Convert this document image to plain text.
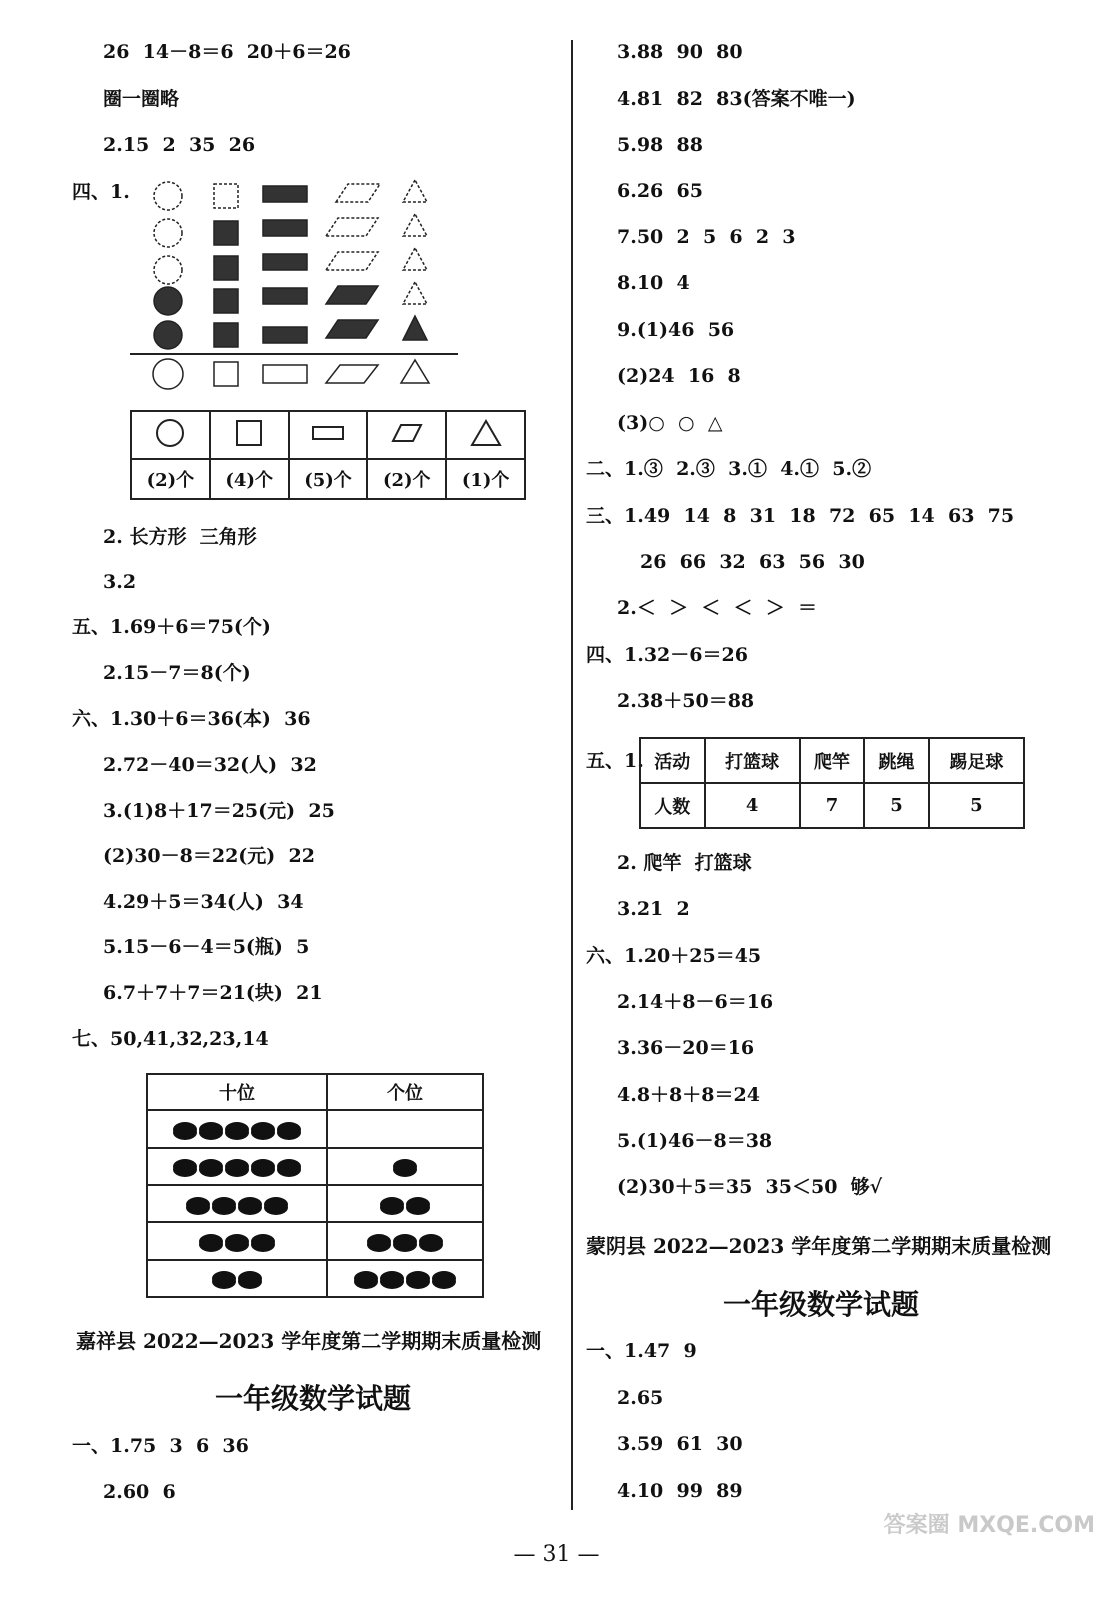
26  14－8＝6  20＋6＝26
圈一圈略
2.15  2  35  26
四、1.

(2)个	(4)个	(5)个	(2)个	(1)个
2. 长方形  三角形
3.2
五、1.69＋6＝75(个)
2.15－7＝8(个)
六、1.30＋6＝36(本)  36
2.72－40＝32(人)  32
3.(1)8＋17＝25(元)  25
(2)30－8＝22(元)  22
4.29＋5＝34(人)  34
5.15－6－4＝5(瓶)  5
6.7＋7＋7＝21(块)  21
七、50,41,32,23,14
十位	个位

嘉祥县 2022—2023 学年度第二学期期末质量检测
一年级数学试题
一、1.75  3  6  36
2.60  6
3.88  90  80
4.81  82  83(答案不唯一)
5.98  88
6.26  65
7.50  2  5  6  2  3
8.10  4
9.(1)46  56
(2)24  16  8
(3)○  ○  △
二、1.③  2.③  3.①  4.①  5.②
三、1.49  14  8  31  18  72  65  14  63  75
26  66  32  63  56  30
2.＜  ＞  ＜  ＜  ＞  ＝
四、1.32－6＝26
2.38＋50＝88
五、1. 活动	打篮球	爬竿	跳绳	踢足球
人数	4	7	5	5
2. 爬竿  打篮球
3.21  2
六、1.20＋25＝45
2.14＋8－6＝16
3.36－20＝16
4.8＋8＋8＝24
5.(1)46－8＝38
(2)30＋5＝35  35＜50  够√
蒙阴县 2022—2023 学年度第二学期期末质量检测
一年级数学试题
一、1.47  9
2.65
3.59  61  30
4.10  99  89
— 31 —
答案圈 MXQE.COM
